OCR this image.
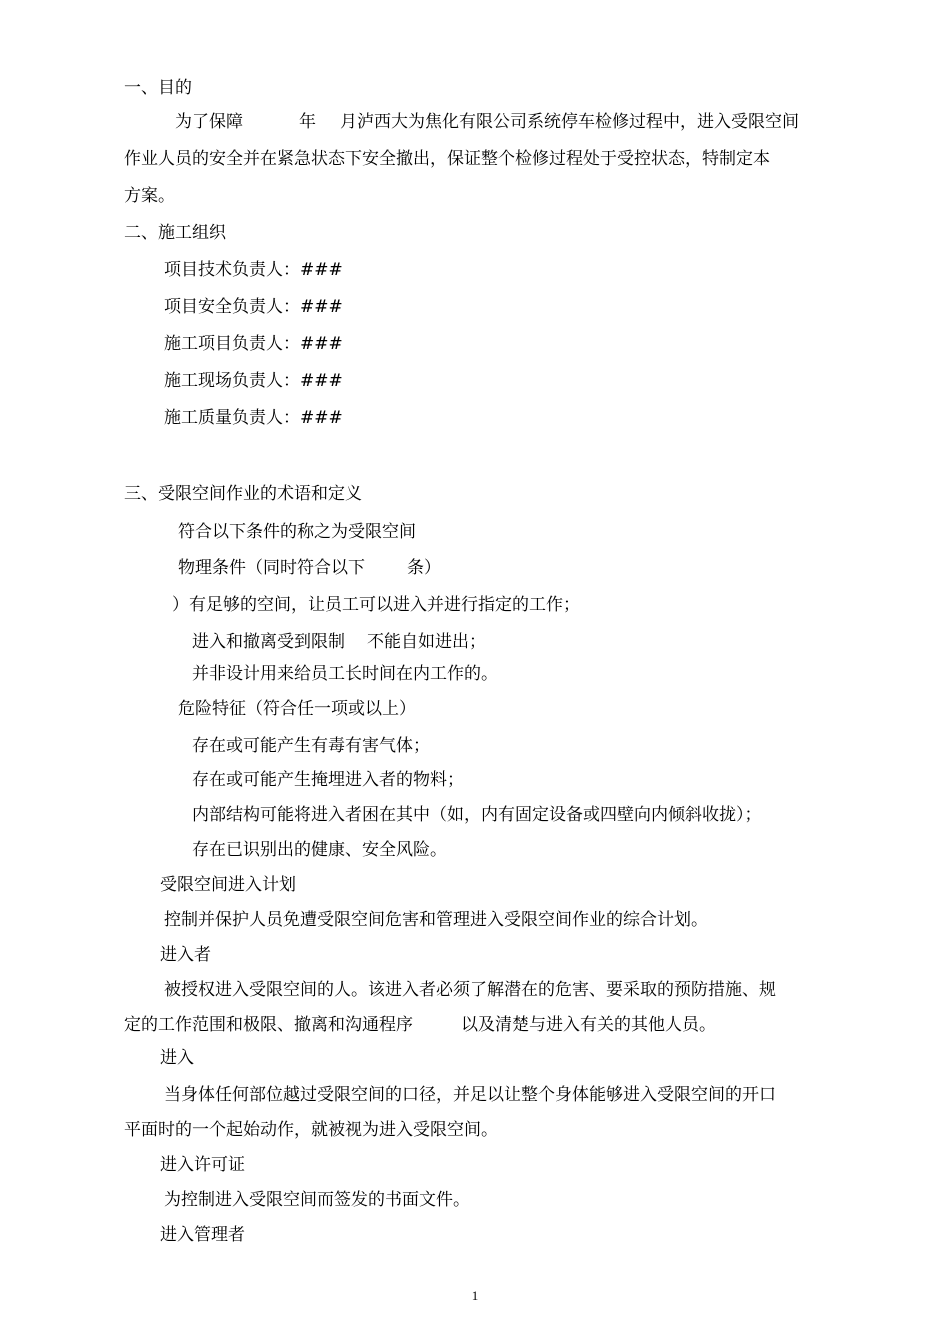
一、目的
为了保障	年 月泸西大为焦化有限公司系统停车检修过程中，进入受限空间
作业人员的安全并在紧急状态下安全撤出，保证整个检修过程处于受控状态，特制定本
方案。
二、施工组织
项目技术负责人：###
项目安全负责人：###
施工项目负责人：###
施工现场负责人：###
施工质量负责人：###
三、受限空间作业的术语和定义
符合以下条件的称之为受限空间
物理条件（同时符合以下 条）
）有足够的空间，让员工可以进入并进行指定的工作；
进入和撤离受到限制 不能自如进出；
并非设计用来给员工长时间在内工作的。
危险特征（符合任一项或以上）
存在或可能产生有毒有害气体；
存在或可能产生掩埋进入者的物料；
内部结构可能将进入者困在其中（如，内有固定设备或四壁向内倾斜收拢）；
存在已识别出的健康、安全风险。
受限空间进入计划
控制并保护人员免遭受限空间危害和管理进入受限空间作业的综合计划。
进入者
被授权进入受限空间的人。该进入者必须了解潜在的危害、要采取的预防措施、规
定的工作范围和极限、撤离和沟通程序	以及清楚与进入有关的其他人员。
进入
当身体任何部位越过受限空间的口径，并足以让整个身体能够进入受限空间的开口
平面时的一个起始动作，就被视为进入受限空间。
进入许可证
为控制进入受限空间而签发的书面文件。
进入管理者
1
